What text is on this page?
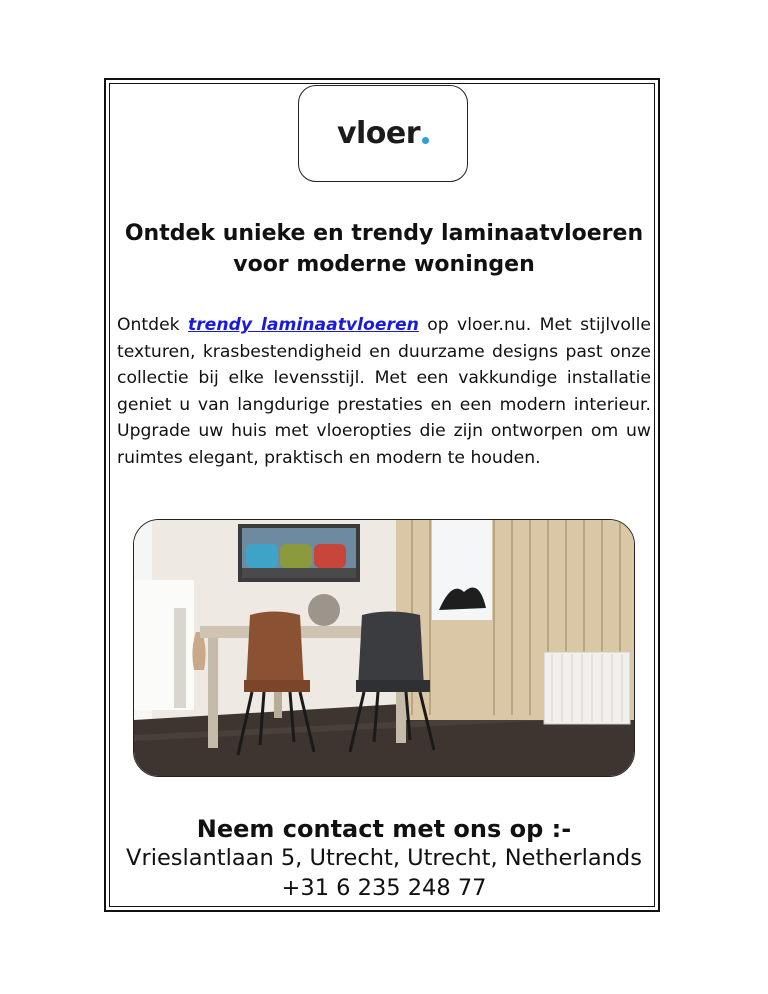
vloer
Ontdek unieke en trendy laminaatvloeren voor moderne woningen
Ontdek trendy laminaatvloeren op vloer.nu. Met stijlvolle texturen, krasbestendigheid en duurzame designs past onze collectie bij elke levensstijl. Met een vakkundige installatie geniet u van langdurige prestaties en een modern interieur. Upgrade uw huis met vloeropties die zijn ontworpen om uw ruimtes elegant, praktisch en modern te houden.
Neem contact met ons op :-
Vrieslantlaan 5, Utrecht, Utrecht, Netherlands
+31 6 235 248 77
